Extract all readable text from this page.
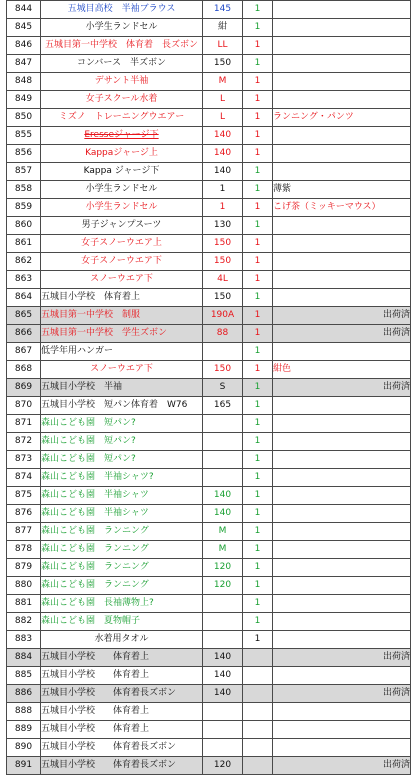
844	五城目高校　半袖ブラウス	145	1	
845	小学生ランドセル	紺	1	
846	五城目第一中学校　体育着　長ズボン	LL	1	
847	コンバース　半ズボン	150	1	
848	デサント半袖	M	1	
849	女子スクール水着	L	1	
850	ミズノ　トレーニングウエアー	L	1	ランニング・パンツ
855	Eresseジャージ下	140	1	
856	Kappaジャージ上	140	1	
857	Kappa ジャージ下	140	1	
858	小学生ランドセル	1	1	薄紫
859	小学生ランドセル	1	1	こげ茶（ミッキーマウス）
860	男子ジャンプスーツ	130	1	
861	女子スノーウエア上	150	1	
862	女子スノーウエア下	150	1	
863	スノーウエア下	4L	1	
864	五城目小学校　体育着上	150	1	
865	五城目第一中学校　制服	190A	1	出荷済
866	五城目第一中学校　学生ズボン	88	1	出荷済
867	低学年用ハンガー		1	
868	スノーウエア下	150	1	紺色
869	五城目小学校　半袖	S	1	出荷済
870	五城目小学校　短パン体育着　W76	165	1	
871	森山こども園　短パン?		1	
872	森山こども園　短パン?		1	
873	森山こども園　短パン?		1	
874	森山こども園　半袖シャツ?		1	
875	森山こども園　半袖シャツ	140	1	
876	森山こども園　半袖シャツ	140	1	
877	森山こども園　ランニング	M	1	
878	森山こども園　ランニング	M	1	
879	森山こども園　ランニング	120	1	
880	森山こども園　ランニング	120	1	
881	森山こども園　長袖薄物上?		1	
882	森山こども園　夏物帽子		1	
883	水着用タオル		1	
884	五城目小学校　　体育着上	140		出荷済
885	五城目小学校　　体育着上	140		
886	五城目小学校　　体育着長ズボン	140		出荷済
888	五城目小学校　　体育着上			
889	五城目小学校　　体育着上			
890	五城目小学校　　体育着長ズボン			
891	五城目小学校　　体育着長ズボン	120		出荷済
